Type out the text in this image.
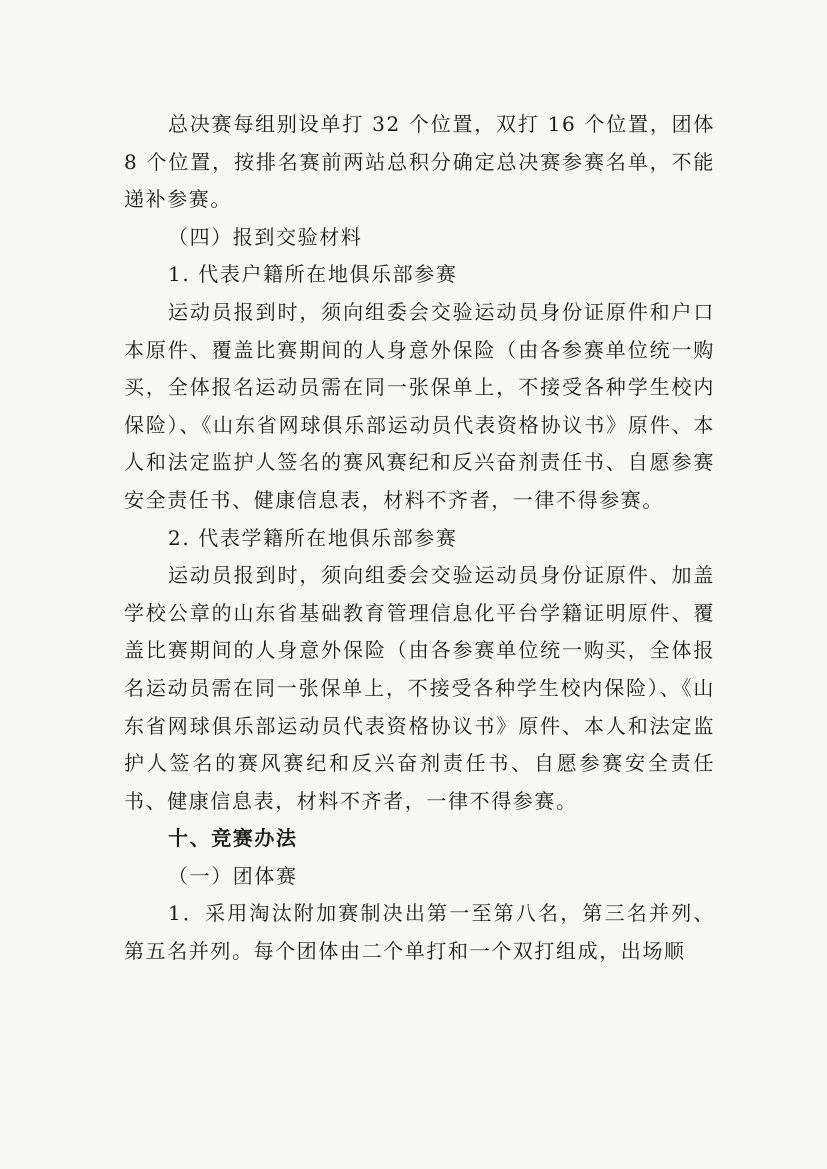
总决赛每组别设单打 32 个位置，双打 16 个位置，团体 8 个位置，按排名赛前两站总积分确定总决赛参赛名单，不能递补参赛。

（四）报到交验材料

1. 代表户籍所在地俱乐部参赛

运动员报到时，须向组委会交验运动员身份证原件和户口本原件、覆盖比赛期间的人身意外保险（由各参赛单位统一购买，全体报名运动员需在同一张保单上，不接受各种学生校内保险）、《山东省网球俱乐部运动员代表资格协议书》原件、本人和法定监护人签名的赛风赛纪和反兴奋剂责任书、自愿参赛安全责任书、健康信息表，材料不齐者，一律不得参赛。

2. 代表学籍所在地俱乐部参赛

运动员报到时，须向组委会交验运动员身份证原件、加盖学校公章的山东省基础教育管理信息化平台学籍证明原件、覆盖比赛期间的人身意外保险（由各参赛单位统一购买，全体报名运动员需在同一张保单上，不接受各种学生校内保险）、《山东省网球俱乐部运动员代表资格协议书》原件、本人和法定监护人签名的赛风赛纪和反兴奋剂责任书、自愿参赛安全责任书、健康信息表，材料不齐者，一律不得参赛。

十、竞赛办法

（一）团体赛

1．采用淘汰附加赛制决出第一至第八名，第三名并列、第五名并列。每个团体由二个单打和一个双打组成，出场顺
